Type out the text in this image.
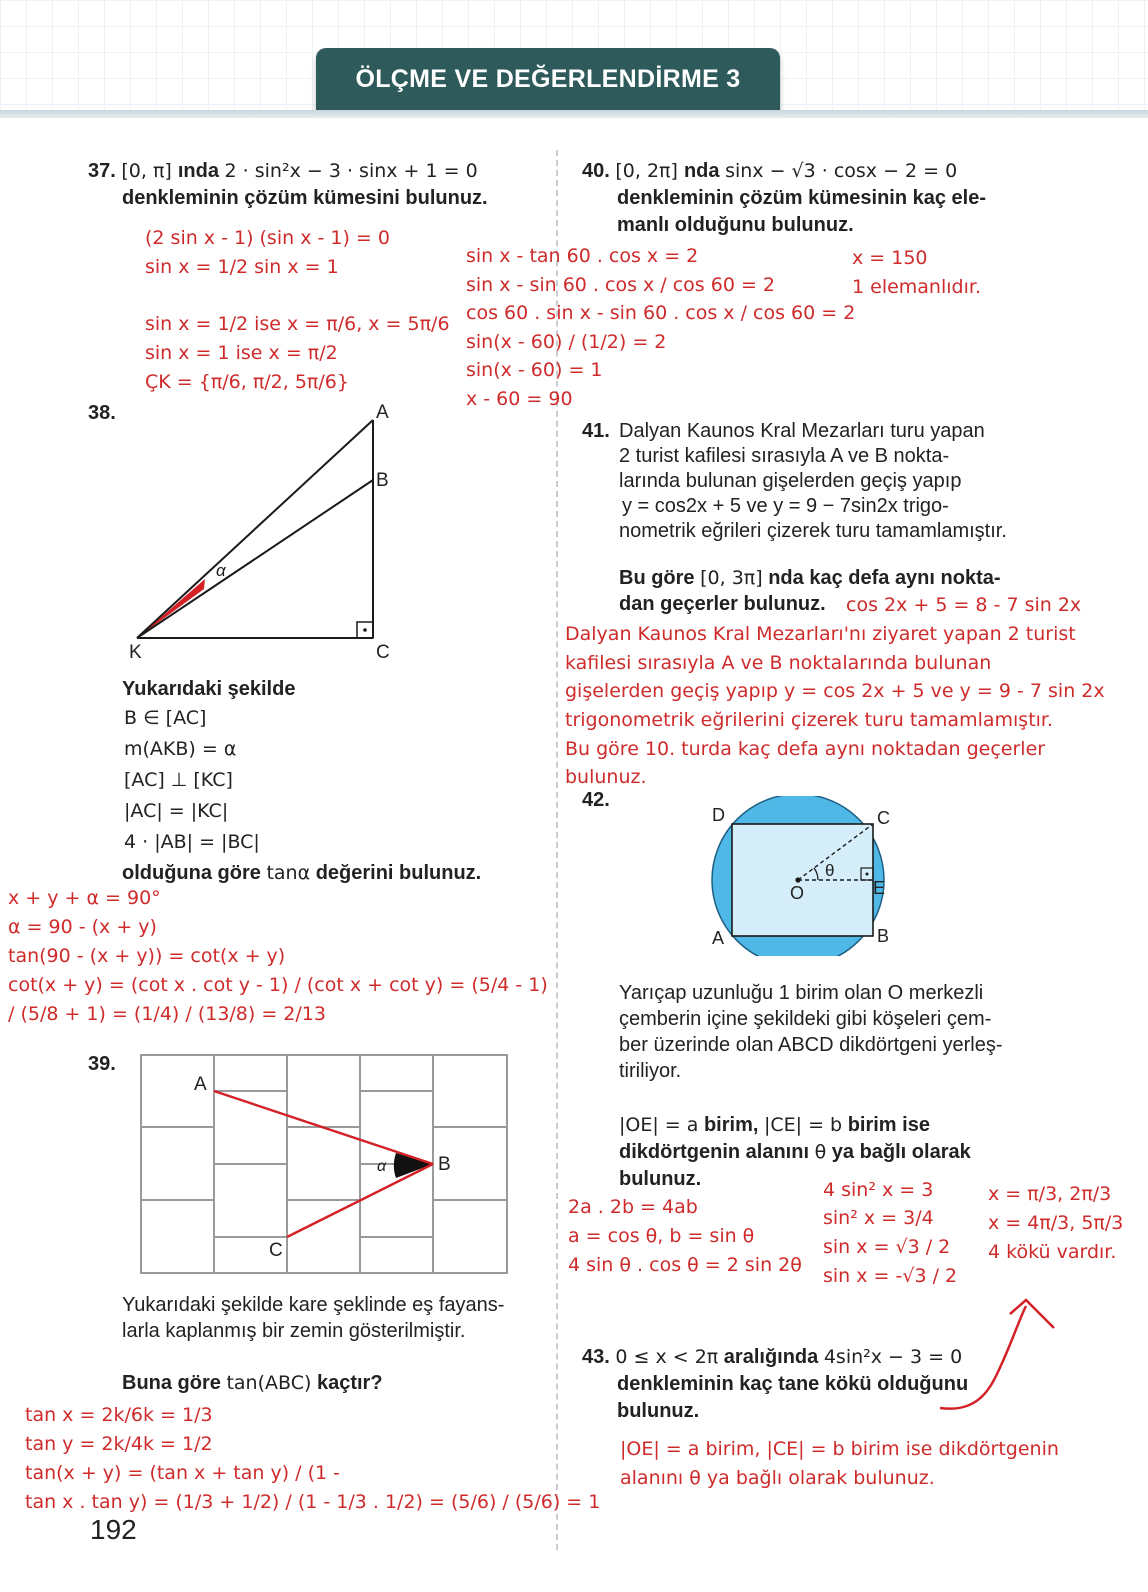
ÖLÇME VE DEĞERLENDİRME 3
37. [0, π] ında 2 · sin²x − 3 · sinx + 1 = 0
denkleminin çözüm kümesini bulunuz.
(2 sin x - 1) (sin x - 1) = 0
sin x = 1/2 sin x = 1
sin x = 1/2 ise x = π/6, x = 5π/6
sin x = 1 ise x = π/2
ÇK = {π/6, π/2, 5π/6}
38.	A
B
C
K
α
Yukarıdaki şekilde
B ∈ [AC]
m(AKB) = α
[AC] ⊥ [KC]
|AC| = |KC|
4 · |AB| = |BC|
olduğuna göre tanα değerini bulunuz.
x + y + α = 90°
α = 90 - (x + y)
tan(90 - (x + y)) = cot(x + y)
cot(x + y) = (cot x . cot y - 1) / (cot x + cot y) = (5/4 - 1)
/ (5/8 + 1) = (1/4) / (13/8) = 2/13
39.
A
B
C
α
Yukarıdaki şekilde kare şeklinde eş fayans-
larla kaplanmış bir zemin gösterilmiştir.
Buna göre tan(ABC) kaçtır?
tan x = 2k/6k = 1/3
tan y = 2k/4k = 1/2
tan(x + y) = (tan x + tan y) / (1 -
tan x . tan y) = (1/3 + 1/2) / (1 - 1/3 . 1/2) = (5/6) / (5/6) = 1
40. [0, 2π] nda sinx − √3 · cosx − 2 = 0
denkleminin çözüm kümesinin kaç ele-
manlı olduğunu bulunuz.
sin x - tan 60 . cos x = 2
sin x - sin 60 . cos x / cos 60 = 2
cos 60 . sin x - sin 60 . cos x / cos 60 = 2
sin(x - 60) / (1/2) = 2
sin(x - 60) = 1
x - 60 = 90
x = 150
1 elemanlıdır.
41. Dalyan Kaunos Kral Mezarları turu yapan
2 turist kafilesi sırasıyla A ve B nokta-
larında bulunan gişelerden geçiş yapıp
y = cos2x + 5 ve y = 9 − 7sin2x trigo-
nometrik eğrileri çizerek turu tamamlamıştır.
Bu göre [0, 3π] nda kaç defa aynı nokta-
dan geçerler bulunuz. cos 2x + 5 = 8 - 7 sin 2x
Dalyan Kaunos Kral Mezarları'nı ziyaret yapan 2 turist
kafilesi sırasıyla A ve B noktalarında bulunan
gişelerden geçiş yapıp y = cos 2x + 5 ve y = 9 - 7 sin 2x
trigonometrik eğrilerini çizerek turu tamamlamıştır.
Bu göre 10. turda kaç defa aynı noktadan geçerler
bulunuz.
42.
D	C
O	E
A	B
θ
Yarıçap uzunluğu 1 birim olan O merkezli
çemberin içine şekildeki gibi köşeleri çem-
ber üzerinde olan ABCD dikdörtgeni yerleş-
tiriliyor.
|OE| = a birim, |CE| = b birim ise
dikdörtgenin alanını θ ya bağlı olarak
bulunuz.
2a . 2b = 4ab
a = cos θ, b = sin θ
4 sin θ . cos θ = 2 sin 2θ
4 sin² x = 3
sin² x = 3/4
sin x = √3 / 2
sin x = -√3 / 2
x = π/3, 2π/3
x = 4π/3, 5π/3
4 kökü vardır.
43. 0 ≤ x < 2π aralığında 4sin²x − 3 = 0
denkleminin kaç tane kökü olduğunu
bulunuz.
|OE| = a birim, |CE| = b birim ise dikdörtgenin
alanını θ ya bağlı olarak bulunuz.
192
